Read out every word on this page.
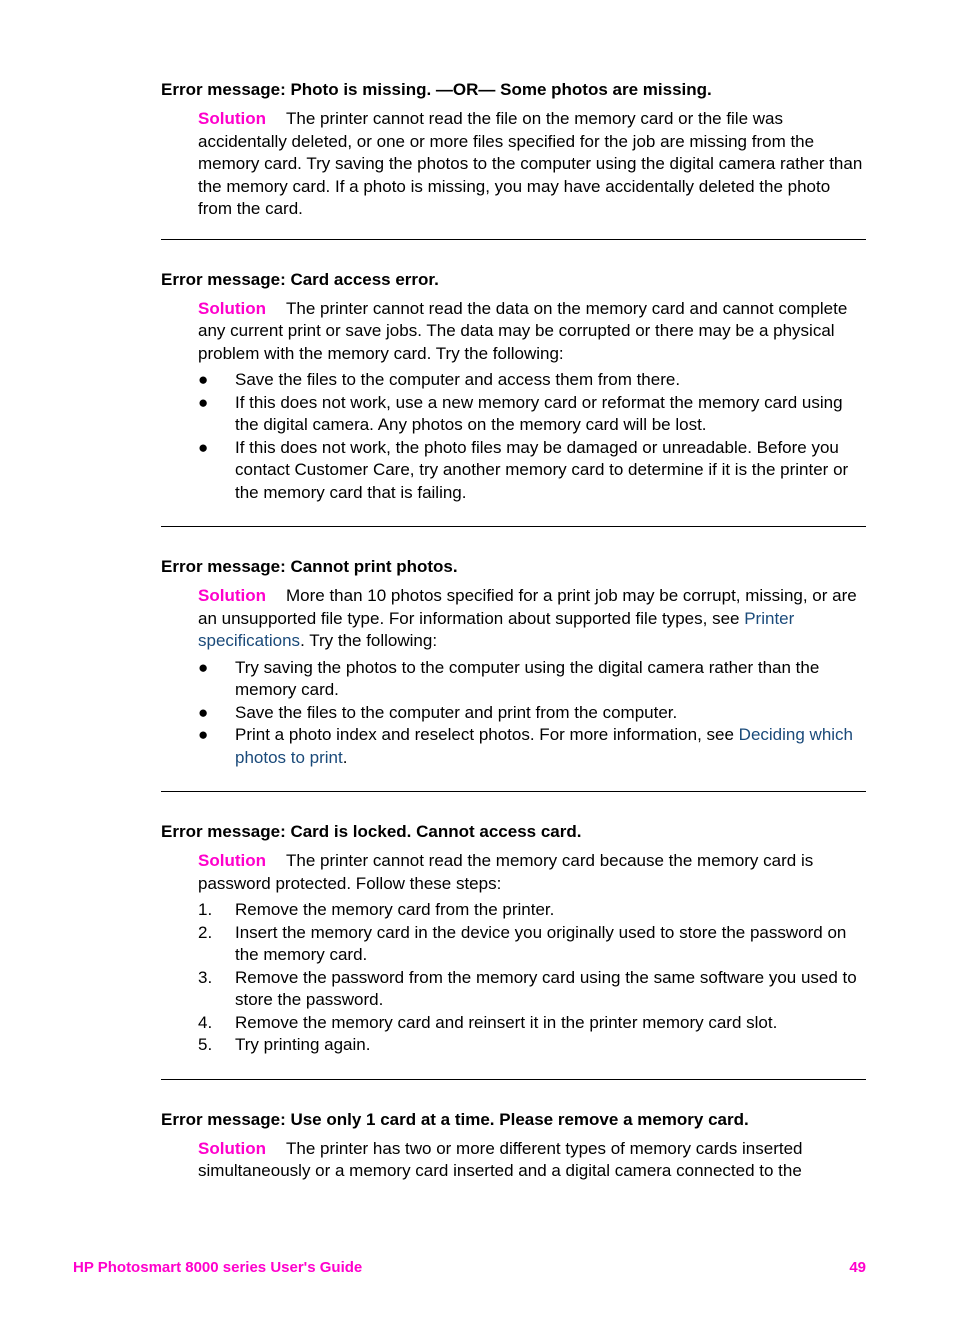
Error message: Photo is missing. —OR— Some photos are missing.

Solution The printer cannot read the file on the memory card or the file was accidentally deleted, or one or more files specified for the job are missing from the memory card. Try saving the photos to the computer using the digital camera rather than the memory card. If a photo is missing, you may have accidentally deleted the photo from the card.

Error message: Card access error.

Solution The printer cannot read the data on the memory card and cannot complete any current print or save jobs. The data may be corrupted or there may be a physical problem with the memory card. Try the following:

● Save the files to the computer and access them from there.
● If this does not work, use a new memory card or reformat the memory card using the digital camera. Any photos on the memory card will be lost.
● If this does not work, the photo files may be damaged or unreadable. Before you contact Customer Care, try another memory card to determine if it is the printer or the memory card that is failing.
Error message: Cannot print photos.

Solution More than 10 photos specified for a print job may be corrupt, missing, or are an unsupported file type. For information about supported file types, see Printer specifications. Try the following:

● Try saving the photos to the computer using the digital camera rather than the memory card.
● Save the files to the computer and print from the computer.
● Print a photo index and reselect photos. For more information, see Deciding which photos to print.
Error message: Card is locked. Cannot access card.

Solution The printer cannot read the memory card because the memory card is password protected. Follow these steps:

1. Remove the memory card from the printer.
2. Insert the memory card in the device you originally used to store the password on the memory card.
3. Remove the password from the memory card using the same software you used to store the password.
4. Remove the memory card and reinsert it in the printer memory card slot.
5. Try printing again.
Error message: Use only 1 card at a time. Please remove a memory card.

Solution The printer has two or more different types of memory cards inserted simultaneously or a memory card inserted and a digital camera connected to the

HP Photosmart 8000 series User's Guide	49
